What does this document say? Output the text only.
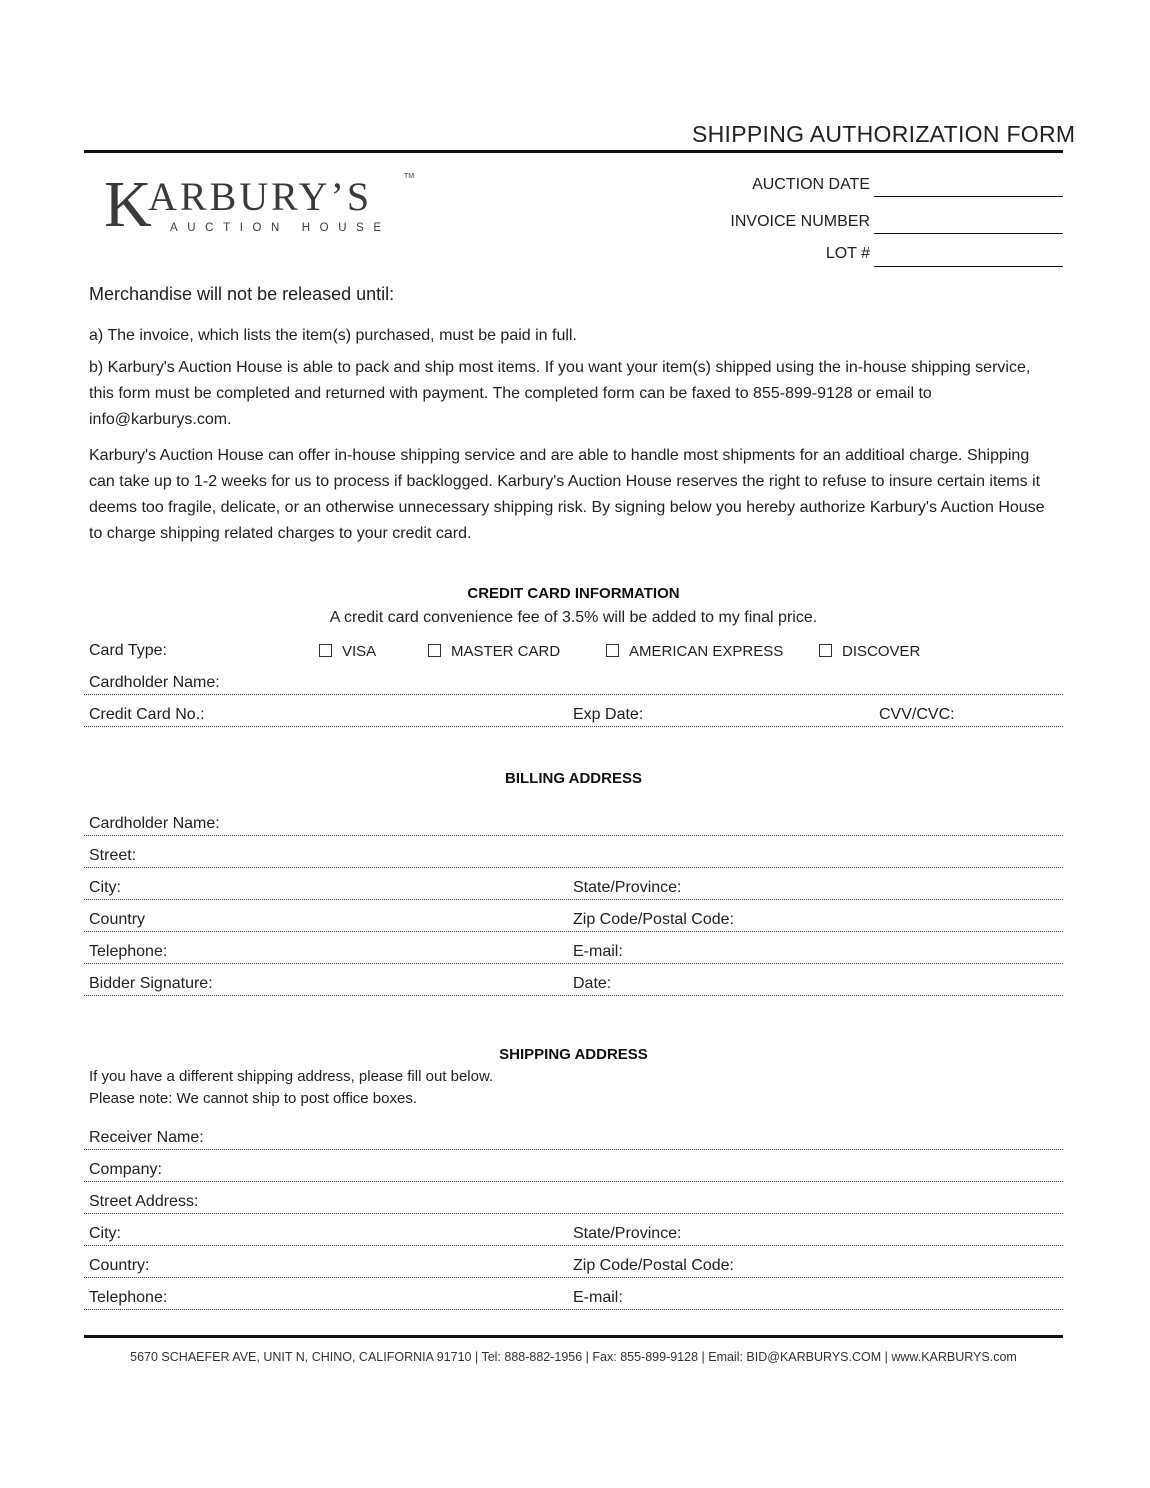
SHIPPING AUTHORIZATION FORM
K
ARBURY’S	TM
AUCTION HOUSE
AUCTION DATE
INVOICE NUMBER
LOT #
Merchandise will not be released until:
a) The invoice, which lists the item(s) purchased, must be paid in full.
b) Karbury's Auction House is able to pack and ship most items. If you want your item(s) shipped using the in-house shipping service, this form must be completed and returned with payment. The completed form can be faxed to 855-899-9128 or email to info@karburys.com.
Karbury's Auction House can offer in-house shipping service and are able to handle most shipments for an additioal charge. Shipping can take up to 1-2 weeks for us to process if backlogged. Karbury's Auction House reserves the right to refuse to insure certain items it deems too fragile, delicate, or an otherwise unnecessary shipping risk. By signing below you hereby authorize Karbury's Auction House to charge shipping related charges to your credit card.
CREDIT CARD INFORMATION
A credit card convenience fee of 3.5% will be added to my final price.
Card Type:	VISA	MASTER CARD	AMERICAN EXPRESS	DISCOVER
Cardholder Name:
Credit Card No.:	Exp Date:	CVV/CVC:
BILLING ADDRESS
Cardholder Name:
Street:
City:	State/Province:
Country	Zip Code/Postal Code:
Telephone:	E-mail:
Bidder Signature:	Date:
SHIPPING ADDRESS
If you have a different shipping address, please fill out below.
Please note: We cannot ship to post office boxes.
Receiver Name:
Company:
Street Address:
City:	State/Province:
Country:	Zip Code/Postal Code:
Telephone:	E-mail:
5670 SCHAEFER AVE, UNIT N, CHINO, CALIFORNIA 91710 | Tel: 888-882-1956 | Fax: 855-899-9128 | Email: BID@KARBURYS.COM | www.KARBURYS.com
